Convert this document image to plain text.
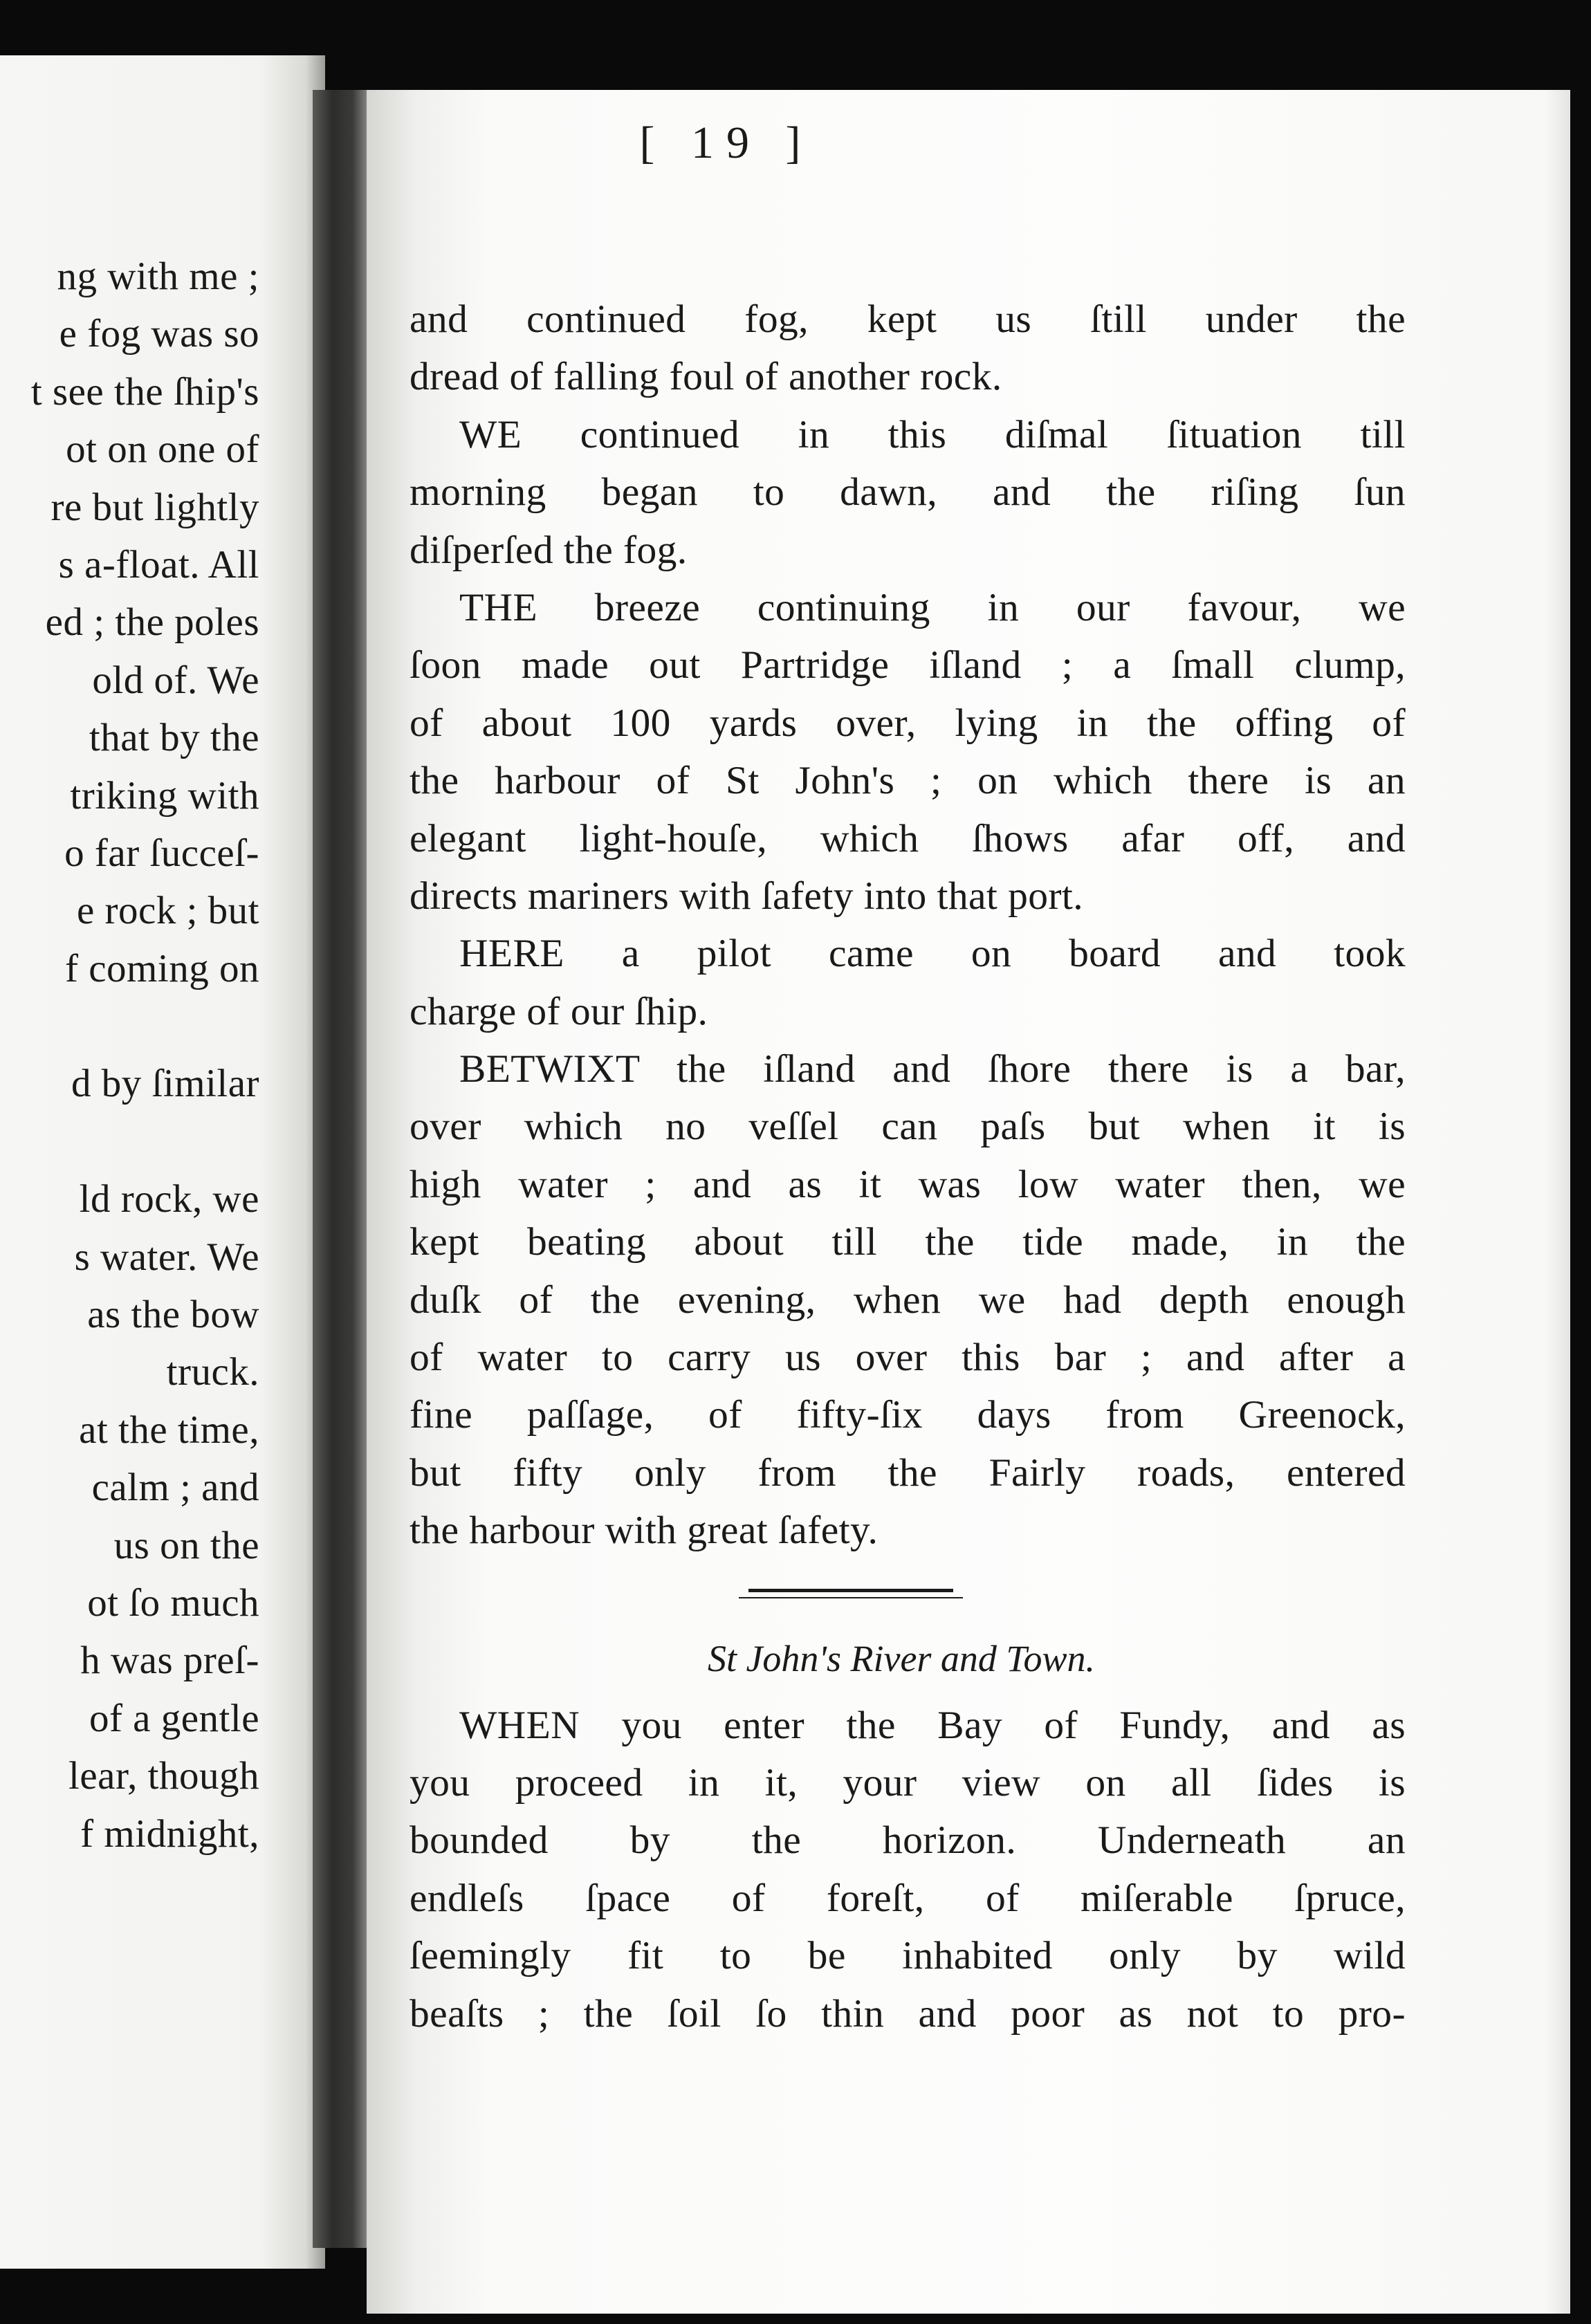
ng with me ;
e fog was so
t see the ſhip's
ot on one of
re but lightly
s a-float. All
ed ; the poles
old of. We
that by the
triking with
o far ſucceſ-
e rock ; but
f coming on
d by ſimilar
ld rock, we
s water. We
as the bow
truck.
at the time,
calm ; and
us on the
ot ſo much
h was preſ-
of a gentle
lear, though
f midnight,
and continued fog, kept us ſtill under the
dread of falling foul of another rock.
WE continued in this diſmal ſituation till
morning began to dawn, and the riſing ſun
diſperſed the fog.
THE breeze continuing in our favour, we
ſoon made out Partridge iſland ; a ſmall clump,
of about 100 yards over, lying in the offing of
the harbour of St John's ; on which there is an
elegant light-houſe, which ſhows afar off, and
directs mariners with ſafety into that port.
HERE a pilot came on board and took
charge of our ſhip.
BETWIXT the iſland and ſhore there is a bar,
over which no veſſel can paſs but when it is
high water ; and as it was low water then, we
kept beating about till the tide made, in the
duſk of the evening, when we had depth enough
of water to carry us over this bar ; and after a
fine paſſage, of fifty-ſix days from Greenock,
but fifty only from the Fairly roads, entered
the harbour with great ſafety.
St John's River and Town.
WHEN you enter the Bay of Fundy, and as
you proceed in it, your view on all ſides is
bounded by the horizon. Underneath an
endleſs ſpace of foreſt, of miſerable ſpruce,
ſeemingly fit to be inhabited only by wild
beaſts ; the ſoil ſo thin and poor as not to pro-
[ 19 ]
